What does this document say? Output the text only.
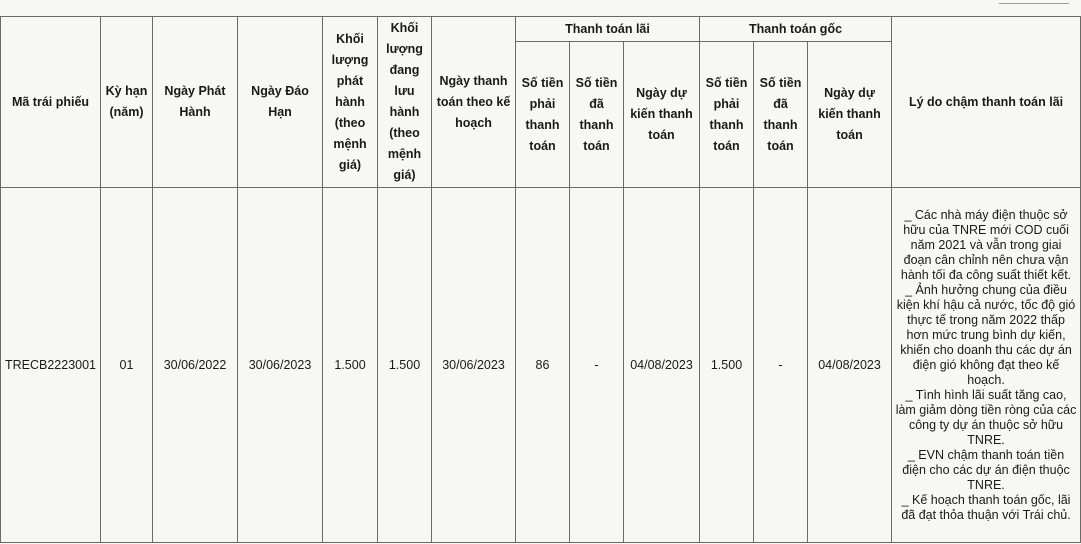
Mã trái phiếu	Kỳ hạn (năm)	Ngày Phát Hành	Ngày Đáo Hạn	Khối lượng phát hành (theo mệnh giá)	Khối lượng đang lưu hành (theo mệnh giá)	Ngày thanh toán theo kế hoạch	Thanh toán lãi			Thanh toán gốc			Lý do chậm thanh toán lãi
							Số tiền phải thanh toán	Số tiền đã thanh toán	Ngày dự kiến thanh toán	Số tiền phải thanh toán	Số tiền đã thanh toán	Ngày dự kiến thanh toán	
TRECB2223001	01	30/06/2022	30/06/2023	1.500	1.500	30/06/2023	86	-	04/08/2023	1.500	-	04/08/2023	_ Các nhà máy điện thuộc sở hữu của TNRE mới COD cuối năm 2021 và vẫn trong giai đoạn cân chỉnh nên chưa vận hành tối đa công suất thiết kết.
_ Ảnh hưởng chung của điều kiện khí hậu cả nước, tốc độ gió thực tế trong năm 2022 thấp hơn mức trung bình dự kiến, khiến cho doanh thu các dự án điện gió không đạt theo kế hoạch.
_ Tình hình lãi suất tăng cao, làm giảm dòng tiền ròng của các công ty dự án thuộc sở hữu TNRE.
_ EVN chậm thanh toán tiền điện cho các dự án điện thuộc TNRE.
_ Kế hoạch thanh toán gốc, lãi đã đạt thỏa thuận với Trái chủ.
